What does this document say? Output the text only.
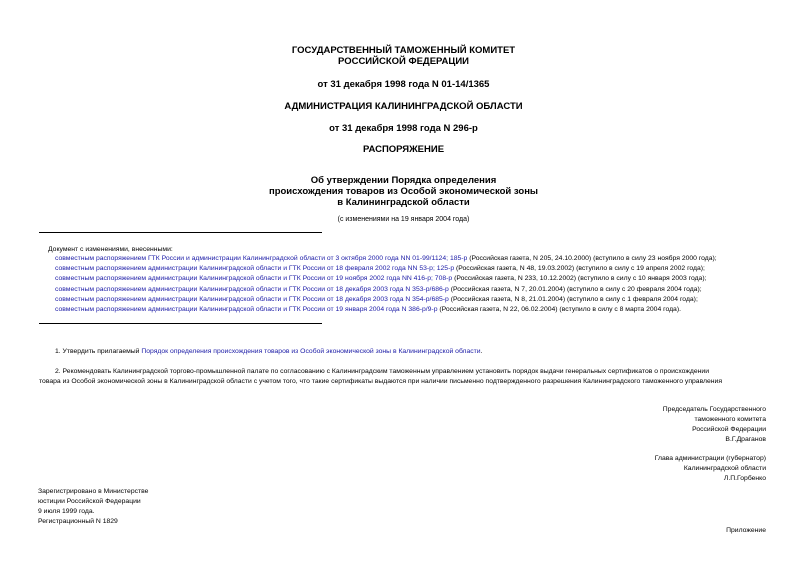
ГОСУДАРСТВЕННЫЙ ТАМОЖЕННЫЙ КОМИТЕТ
РОССИЙСКОЙ ФЕДЕРАЦИИ
от 31 декабря 1998 года N 01-14/1365
АДМИНИСТРАЦИЯ КАЛИНИНГРАДСКОЙ ОБЛАСТИ
от 31 декабря 1998 года N 296-р
РАСПОРЯЖЕНИЕ
Об утверждении Порядка определения
происхождения товаров из Особой экономической зоны
в Калининградской области
(с изменениями на 19 января 2004 года)
Документ с изменениями, внесенными:
совместным распоряжением ГТК России и администрации Калининградской области от 3 октября 2000 года NN 01-99/1124; 185-р (Российская газета, N 205, 24.10.2000) (вступило в силу 23 ноября 2000 года);
совместным распоряжением администрации Калининградской области и ГТК России от 18 февраля 2002 года NN 53-р; 125-р (Российская газета, N 48, 19.03.2002) (вступило в силу с 19 апреля 2002 года);
совместным распоряжением администрации Калининградской области и ГТК России от 19 ноября 2002 года NN 416-р; 708-р (Российская газета, N 233, 10.12.2002) (вступило в силу с 10 января 2003 года);
совместным распоряжением администрации Калининградской области и ГТК России от 18 декабря 2003 года N 353-р/686-р (Российская газета, N 7, 20.01.2004) (вступило в силу с 20 февраля 2004 года);
совместным распоряжением администрации Калининградской области и ГТК России от 18 декабря 2003 года N 354-р/685-р (Российская газета, N 8, 21.01.2004) (вступило в силу с 1 февраля 2004 года);
совместным распоряжением администрации Калининградской области и ГТК России от 19 января 2004 года N 386-р/9-р (Российская газета, N 22, 06.02.2004) (вступило в силу с 8 марта 2004 года).
1. Утвердить прилагаемый Порядок определения происхождения товаров из Особой экономической зоны в Калининградской области.
2. Рекомендовать Калининградской торгово-промышленной палате по согласованию с Калининградским таможенным управлением установить порядок выдачи генеральных сертификатов о происхождении
товара из Особой экономической зоны в Калининградской области с учетом того, что такие сертификаты выдаются при наличии письменно подтвержденного разрешения Калининградского таможенного управления
Председатель Государственного
таможенного комитета
Российской Федерации
В.Г.Драганов
Глава администрации (губернатор)
Калининградской области
Л.П.Горбенко
Зарегистрировано в Министерстве
юстиции Российской Федерации
9 июля 1999 года.
Регистрационный N 1829
Приложение
